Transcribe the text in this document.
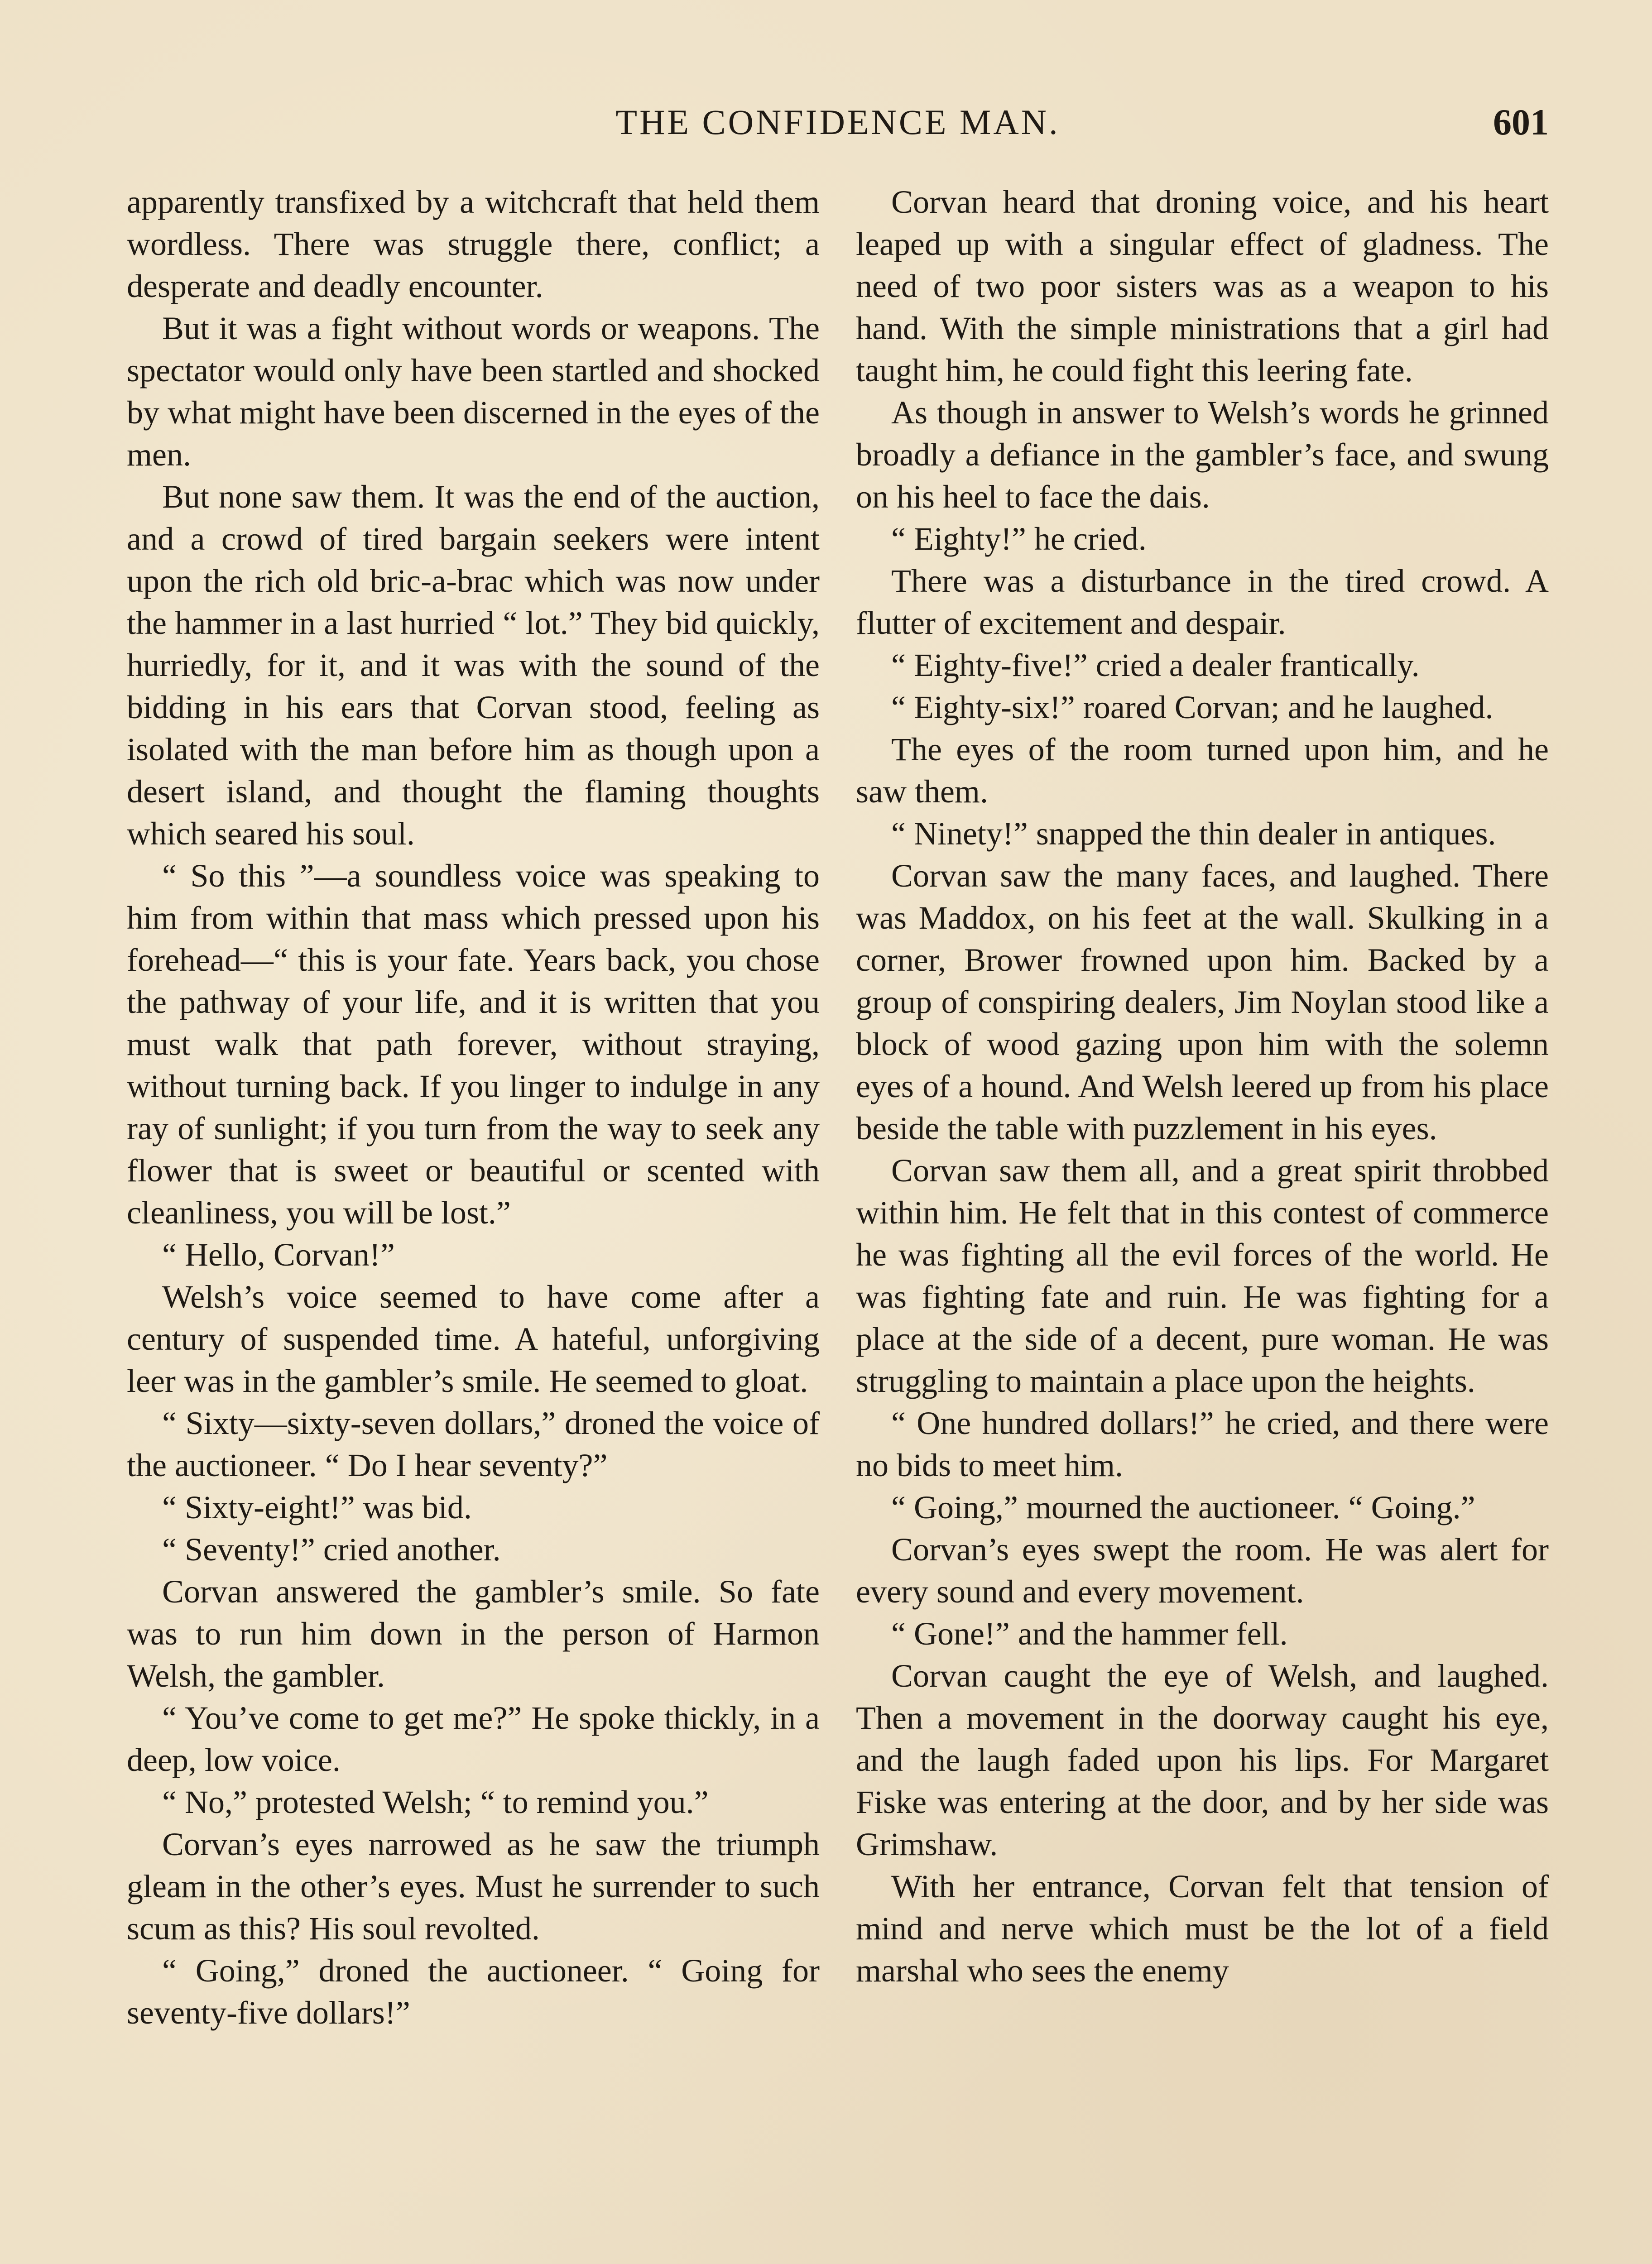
THE CONFIDENCE MAN.	601

apparently transfixed by a witchcraft that held them wordless. There was struggle there, conflict; a desperate and deadly encounter.

But it was a fight without words or weapons. The spectator would only have been startled and shocked by what might have been discerned in the eyes of the men.

But none saw them. It was the end of the auction, and a crowd of tired bargain seekers were intent upon the rich old bric-a-brac which was now under the hammer in a last hurried “ lot.” They bid quickly, hurriedly, for it, and it was with the sound of the bidding in his ears that Corvan stood, feeling as isolated with the man before him as though upon a desert island, and thought the flaming thoughts which seared his soul.

“ So this ”—a soundless voice was speaking to him from within that mass which pressed upon his forehead—“ this is your fate. Years back, you chose the pathway of your life, and it is written that you must walk that path forever, without straying, without turning back. If you linger to indulge in any ray of sunlight; if you turn from the way to seek any flower that is sweet or beautiful or scented with cleanliness, you will be lost.”

“ Hello, Corvan!”

Welsh’s voice seemed to have come after a century of suspended time. A hateful, unforgiving leer was in the gambler’s smile. He seemed to gloat.

“ Sixty—sixty-seven dollars,” droned the voice of the auctioneer. “ Do I hear seventy?”

“ Sixty-eight!” was bid.

“ Seventy!” cried another.

Corvan answered the gambler’s smile. So fate was to run him down in the person of Harmon Welsh, the gambler.

“ You’ve come to get me?” He spoke thickly, in a deep, low voice.

“ No,” protested Welsh; “ to remind you.”

Corvan’s eyes narrowed as he saw the triumph gleam in the other’s eyes. Must he surrender to such scum as this? His soul revolted.

“ Going,” droned the auctioneer. “ Going for seventy-five dollars!”

Corvan heard that droning voice, and his heart leaped up with a singular effect of gladness. The need of two poor sisters was as a weapon to his hand. With the simple ministrations that a girl had taught him, he could fight this leering fate.

As though in answer to Welsh’s words he grinned broadly a defiance in the gambler’s face, and swung on his heel to face the dais.

“ Eighty!” he cried.

There was a disturbance in the tired crowd. A flutter of excitement and despair.

“ Eighty-five!” cried a dealer frantically.

“ Eighty-six!” roared Corvan; and he laughed.

The eyes of the room turned upon him, and he saw them.

“ Ninety!” snapped the thin dealer in antiques.

Corvan saw the many faces, and laughed. There was Maddox, on his feet at the wall. Skulking in a corner, Brower frowned upon him. Backed by a group of conspiring dealers, Jim Noylan stood like a block of wood gazing upon him with the solemn eyes of a hound. And Welsh leered up from his place beside the table with puzzlement in his eyes.

Corvan saw them all, and a great spirit throbbed within him. He felt that in this contest of commerce he was fighting all the evil forces of the world. He was fighting fate and ruin. He was fighting for a place at the side of a decent, pure woman. He was struggling to maintain a place upon the heights.

“ One hundred dollars!” he cried, and there were no bids to meet him.

“ Going,” mourned the auctioneer. “ Going.”

Corvan’s eyes swept the room. He was alert for every sound and every movement.

“ Gone!” and the hammer fell.

Corvan caught the eye of Welsh, and laughed. Then a movement in the doorway caught his eye, and the laugh faded upon his lips. For Margaret Fiske was entering at the door, and by her side was Grimshaw.

With her entrance, Corvan felt that tension of mind and nerve which must be the lot of a field marshal who sees the enemy
